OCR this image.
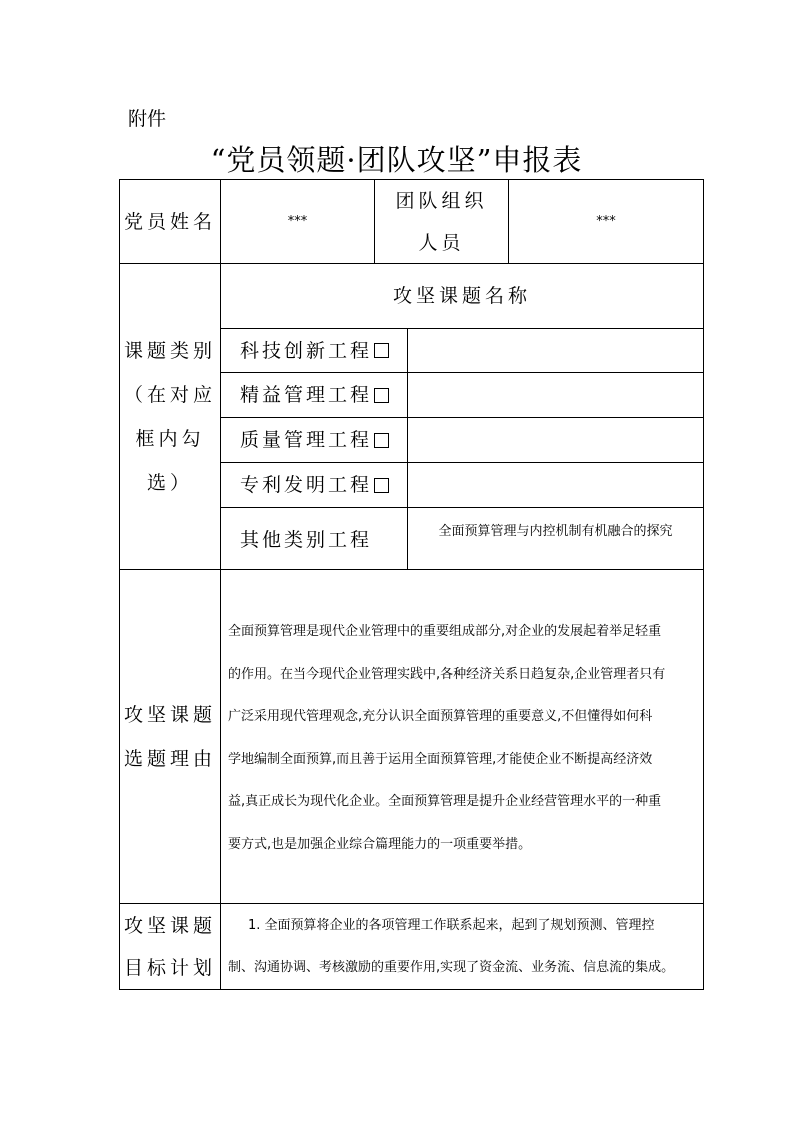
附件
“党员领题·团队攻坚”申报表
党员姓名	***
团队组织
人员
***
课题类别
（在对应
框内勾
选）
攻坚课题名称
科技创新工程
精益管理工程
质量管理工程
专利发明工程
其他类别工程	全面预算管理与内控机制有机融合的探究
攻坚课题
选题理由
全面预算管理是现代企业管理中的重要组成部分,对企业的发展起着举足轻重
的作用。在当今现代企业管理实践中,各种经济关系日趋复杂,企业管理者只有
广泛采用现代管理观念,充分认识全面预算管理的重要意义,不但懂得如何科
学地编制全面预算,而且善于运用全面预算管理,才能使企业不断提高经济效
益,真正成长为现代化企业。全面预算管理是提升企业经营管理水平的一种重
要方式,也是加强企业综合篇理能力的一项重要举措。
攻坚课题
目标计划
1. 全面预算将企业的各项管理工作联系起来，起到了规划预测、管理控
制、沟通协调、考核激励的重要作用,实现了资金流、业务流、信息流的集成。
